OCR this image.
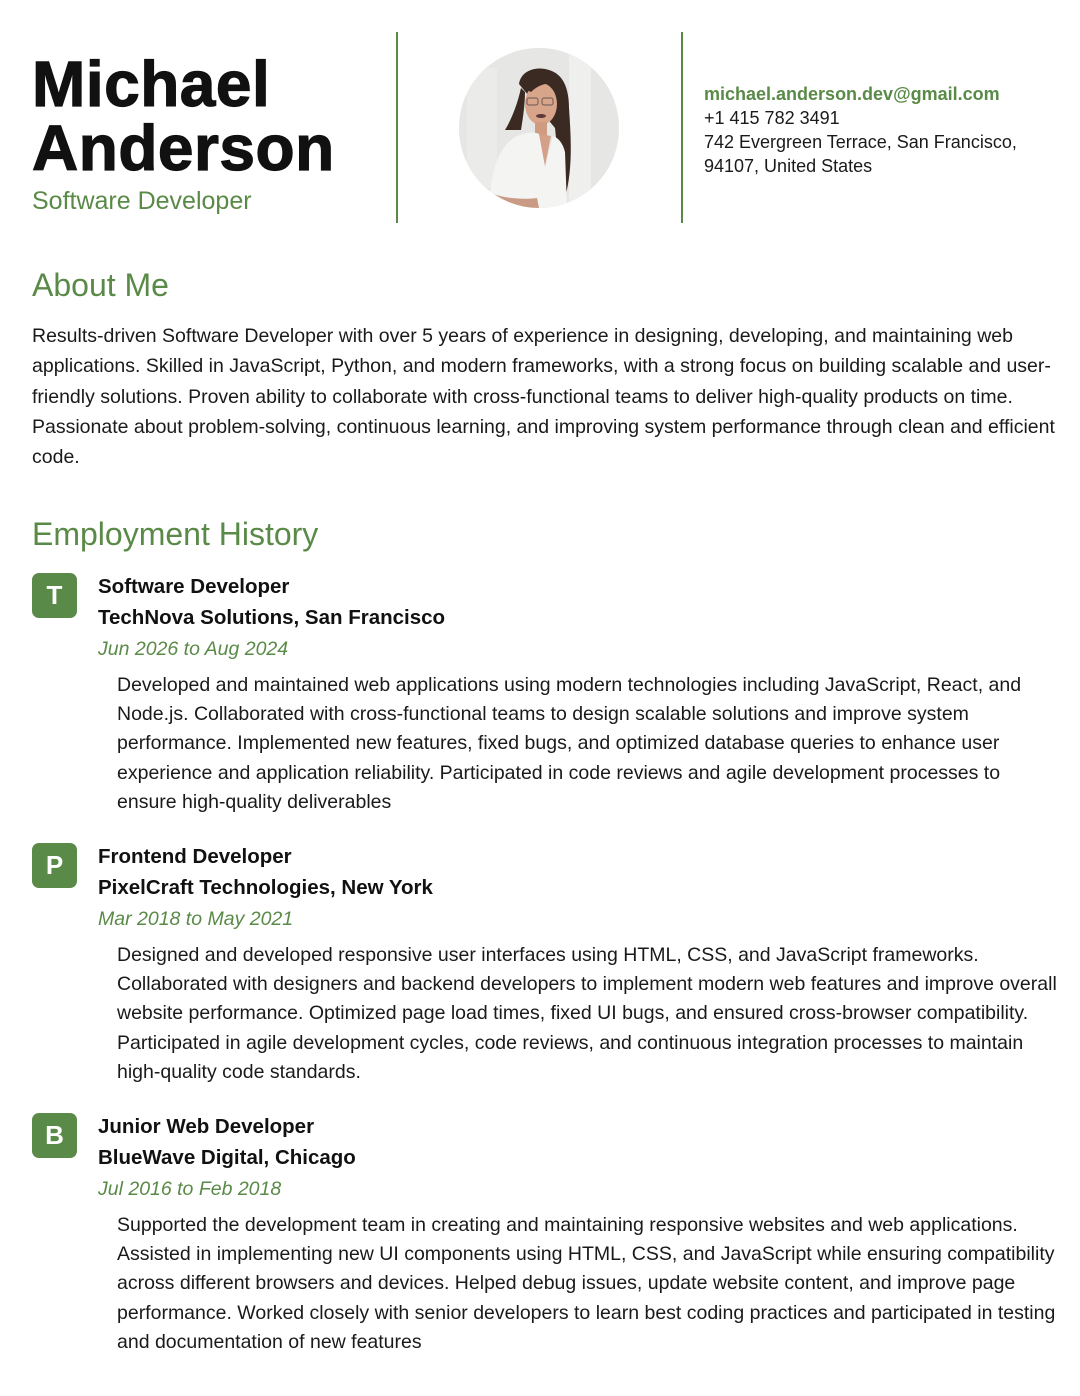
Michael
Anderson
Software Developer
michael.anderson.dev@gmail.com
+1 415 782 3491
742 Evergreen Terrace, San Francisco,
94107, United States
About Me

Results-driven Software Developer with over 5 years of experience in designing, developing, and maintaining web applications. Skilled in JavaScript, Python, and modern frameworks, with a strong focus on building scalable and user-friendly solutions. Proven ability to collaborate with cross-functional teams to deliver high-quality products on time. Passionate about problem-solving, continuous learning, and improving system performance through clean and efficient code.

Employment History
T	Software Developer
TechNova Solutions, San Francisco
Jun 2026 to Aug 2024

Developed and maintained web applications using modern technologies including JavaScript, React, and Node.js. Collaborated with cross-functional teams to design scalable solutions and improve system performance. Implemented new features, fixed bugs, and optimized database queries to enhance user experience and application reliability. Participated in code reviews and agile development processes to ensure high-quality deliverables

P	Frontend Developer
PixelCraft Technologies, New York
Mar 2018 to May 2021

Designed and developed responsive user interfaces using HTML, CSS, and JavaScript frameworks. Collaborated with designers and backend developers to implement modern web features and improve overall website performance. Optimized page load times, fixed UI bugs, and ensured cross-browser compatibility. Participated in agile development cycles, code reviews, and continuous integration processes to maintain high-quality code standards.

B	Junior Web Developer
BlueWave Digital, Chicago
Jul 2016 to Feb 2018

Supported the development team in creating and maintaining responsive websites and web applications. Assisted in implementing new UI components using HTML, CSS, and JavaScript while ensuring compatibility across different browsers and devices. Helped debug issues, update website content, and improve page performance. Worked closely with senior developers to learn best coding practices and participated in testing and documentation of new features
